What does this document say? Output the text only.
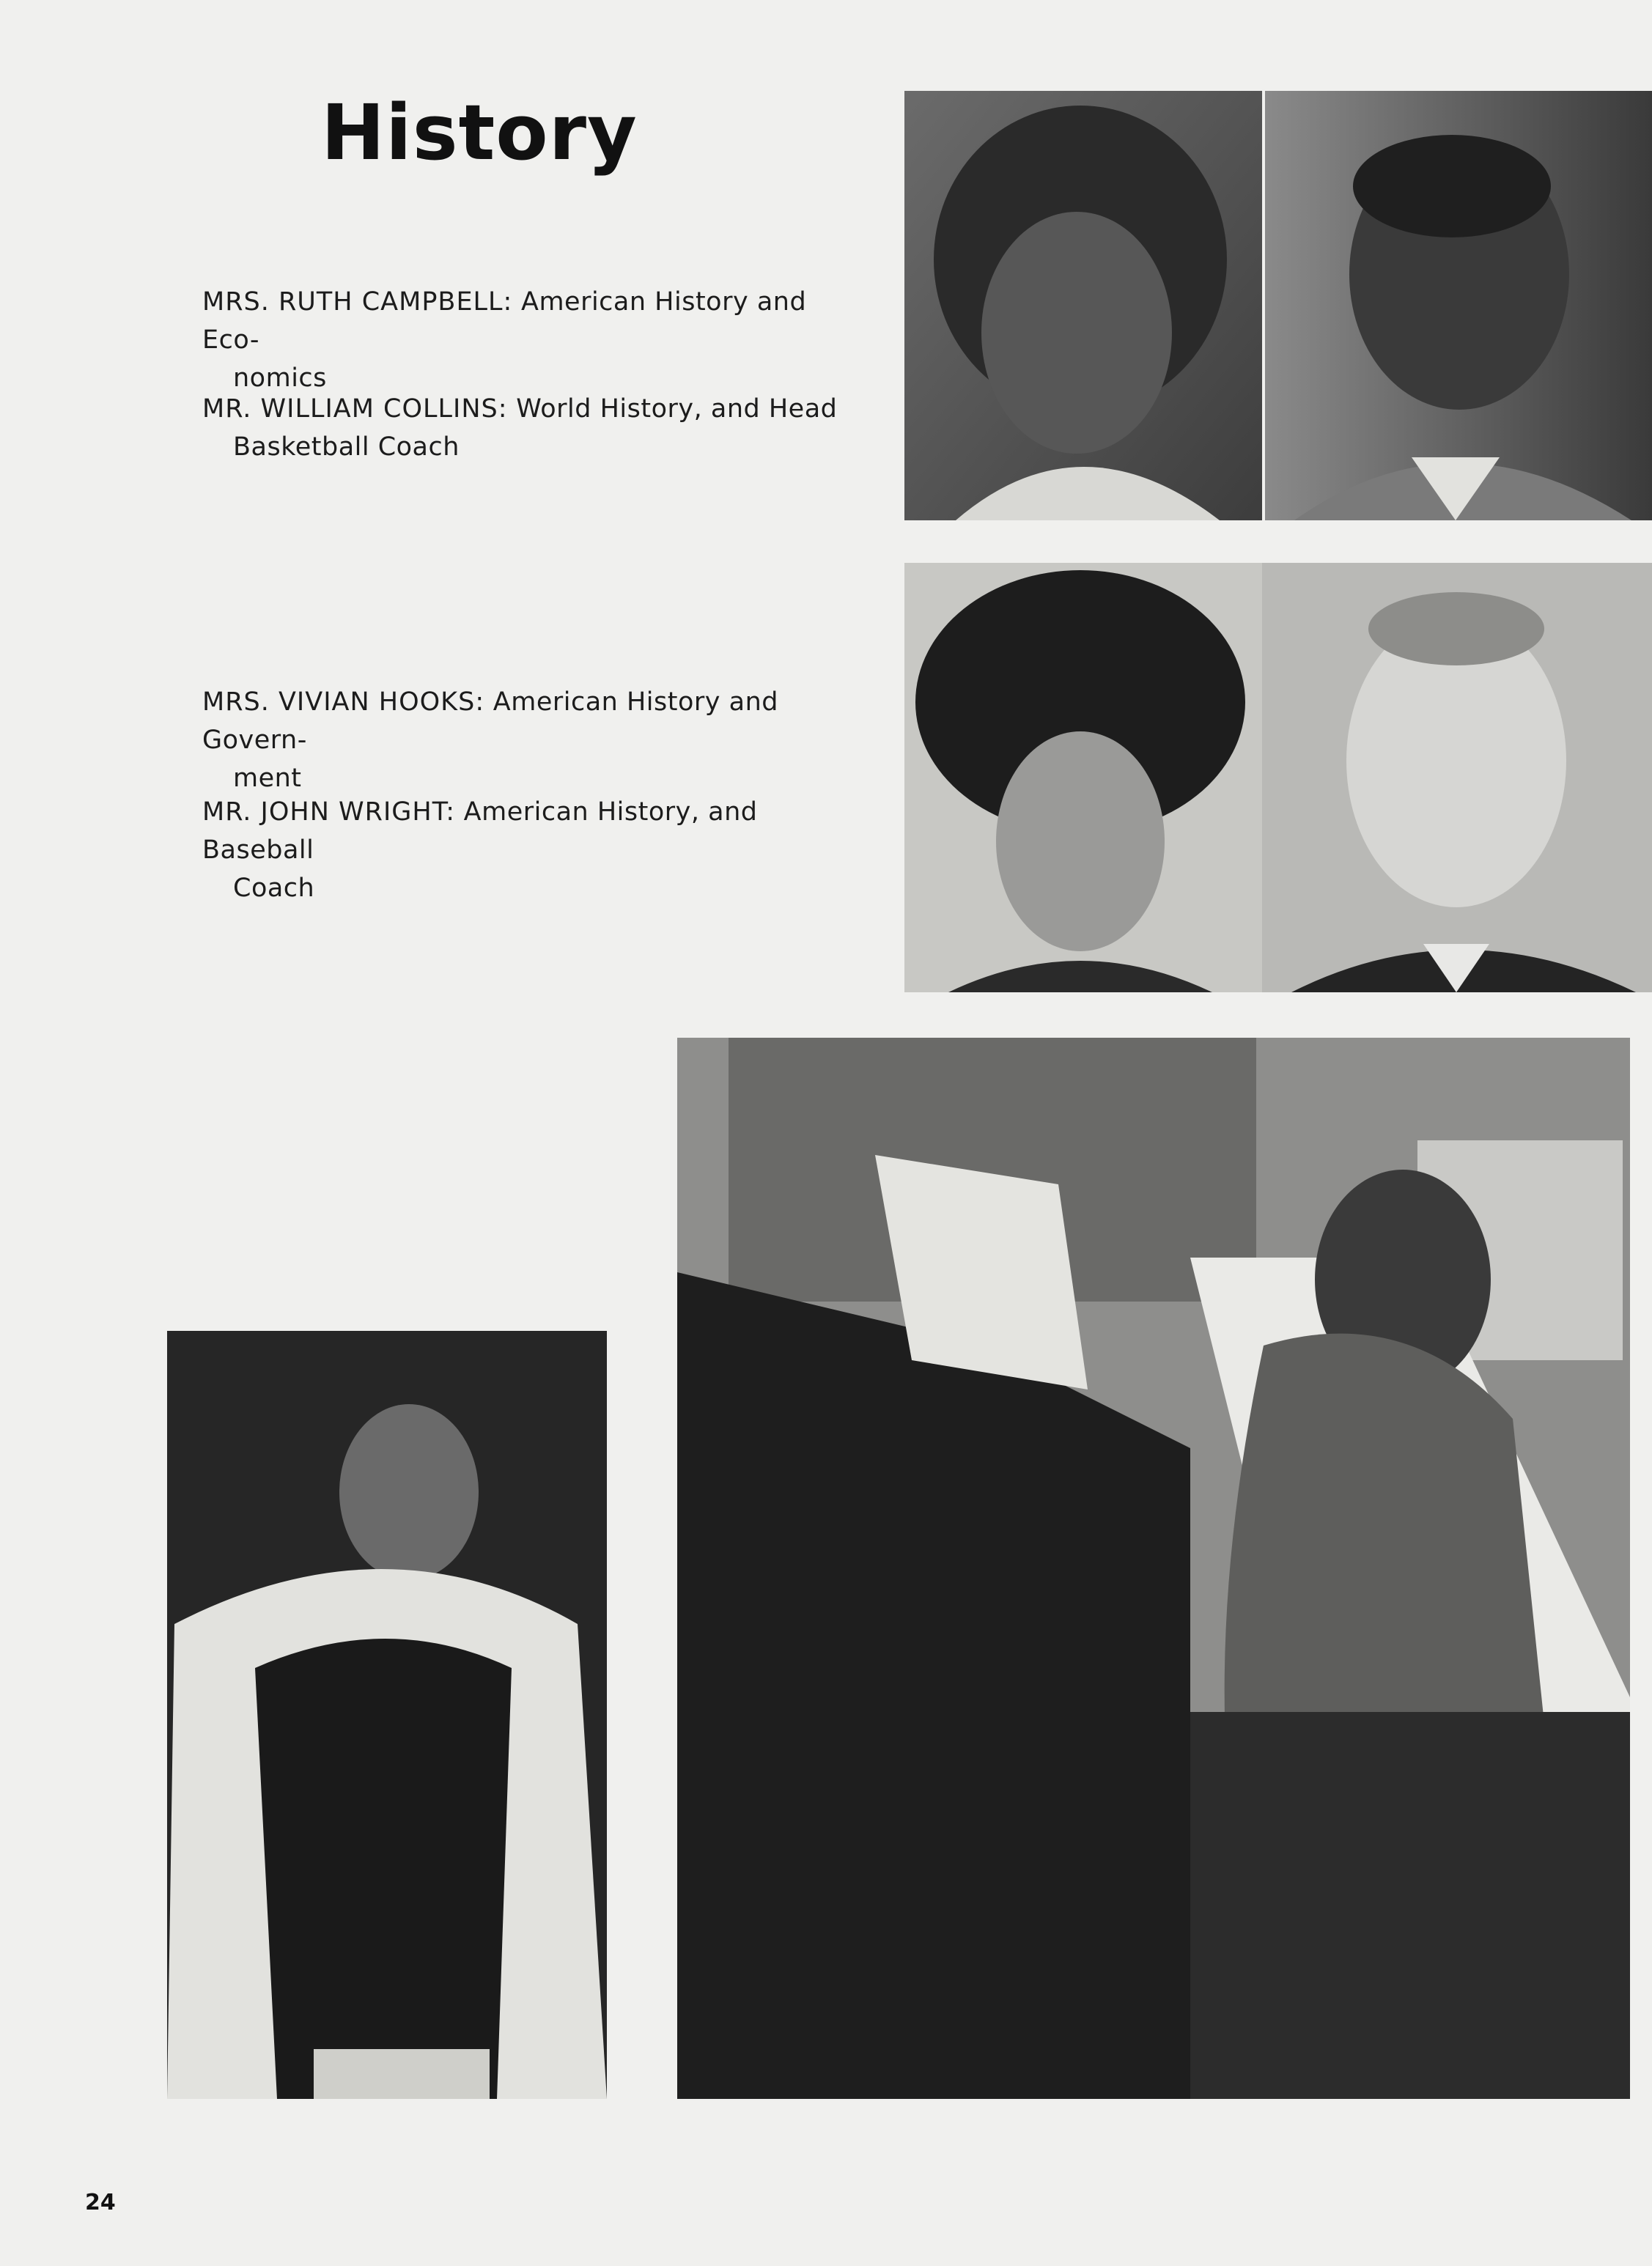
History
MRS. RUTH CAMPBELL: American History and Eco-
nomics
MR. WILLIAM COLLINS: World History, and Head
Basketball Coach
MRS. VIVIAN HOOKS: American History and Govern-
ment
MR. JOHN WRIGHT: American History, and Baseball
Coach
24
